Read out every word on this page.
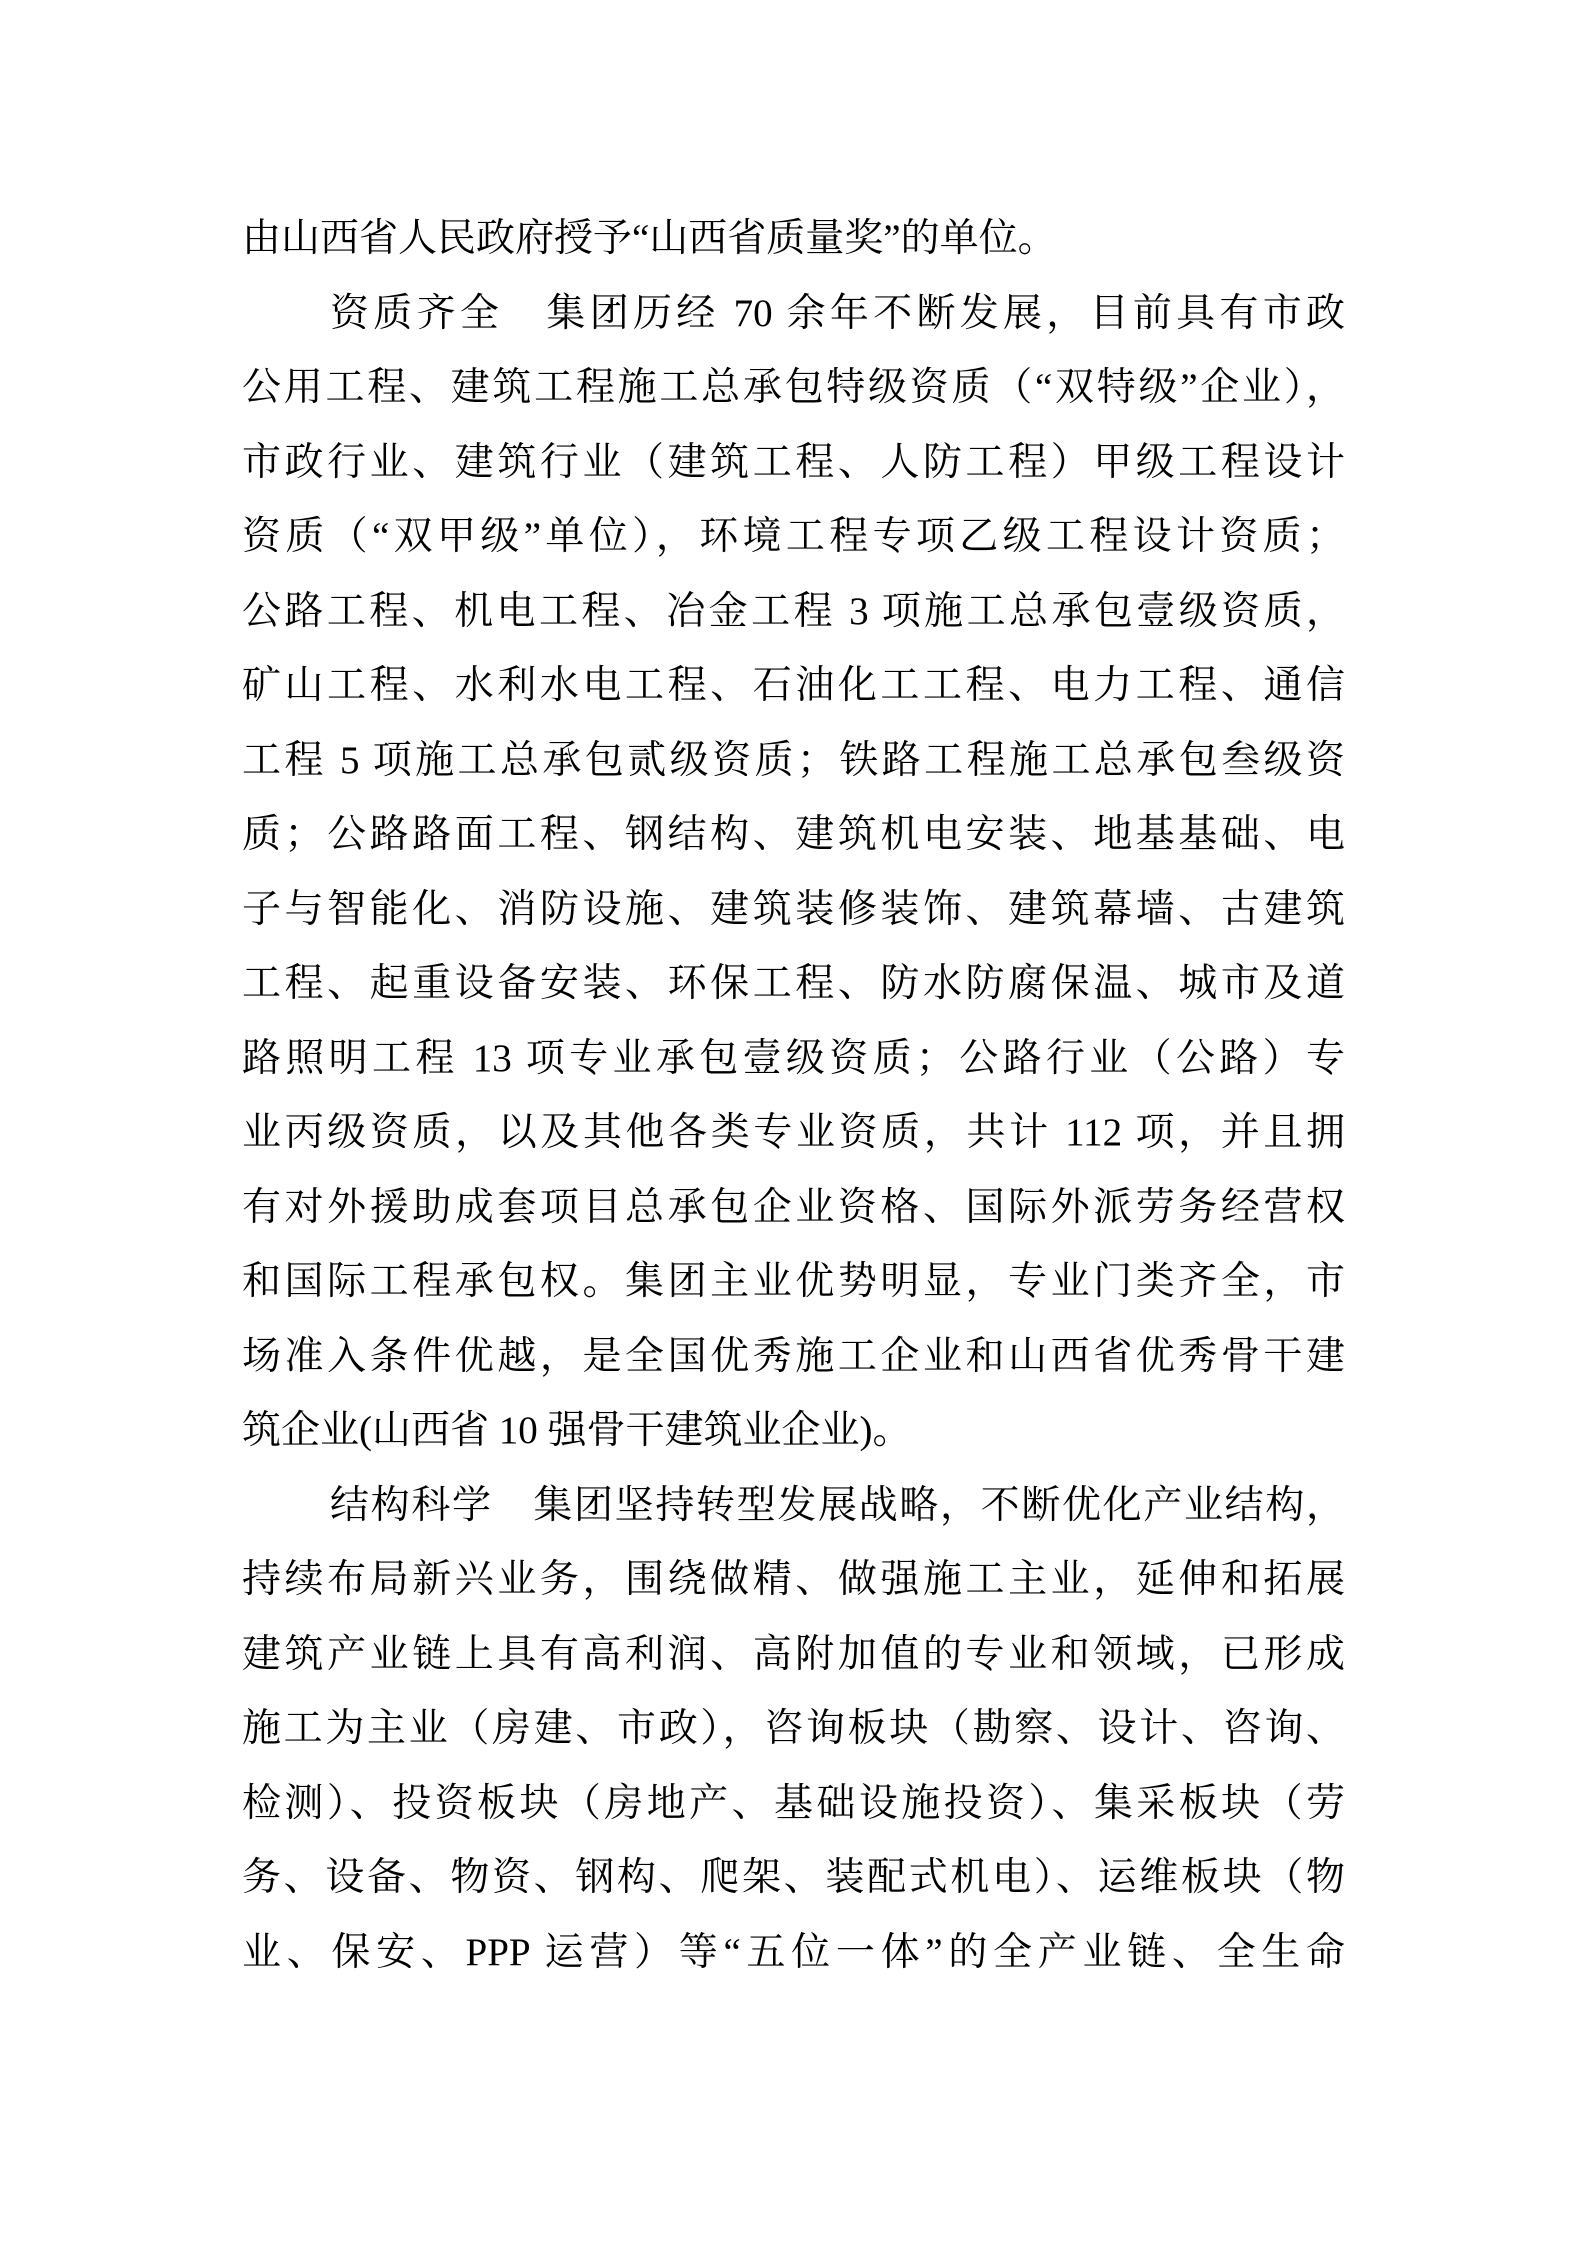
由山西省人民政府授予“山西省质量奖”的单位。
资质齐全　集团历经 70 余年不断发展，目前具有市政
公用工程、建筑工程施工总承包特级资质（“双特级”企业），
市政行业、建筑行业（建筑工程、人防工程）甲级工程设计
资质（“双甲级”单位），环境工程专项乙级工程设计资质；
公路工程、机电工程、冶金工程 3 项施工总承包壹级资质，
矿山工程、水利水电工程、石油化工工程、电力工程、通信
工程 5 项施工总承包贰级资质；铁路工程施工总承包叁级资
质；公路路面工程、钢结构、建筑机电安装、地基基础、电
子与智能化、消防设施、建筑装修装饰、建筑幕墙、古建筑
工程、起重设备安装、环保工程、防水防腐保温、城市及道
路照明工程 13 项专业承包壹级资质；公路行业（公路）专
业丙级资质，以及其他各类专业资质，共计 112 项，并且拥
有对外援助成套项目总承包企业资格、国际外派劳务经营权
和国际工程承包权。集团主业优势明显，专业门类齐全，市
场准入条件优越，是全国优秀施工企业和山西省优秀骨干建
筑企业(山西省 10 强骨干建筑业企业)。
结构科学　集团坚持转型发展战略，不断优化产业结构，
持续布局新兴业务，围绕做精、做强施工主业，延伸和拓展
建筑产业链上具有高利润、高附加值的专业和领域，已形成
施工为主业（房建、市政），咨询板块（勘察、设计、咨询、
检测）、投资板块（房地产、基础设施投资）、集采板块（劳
务、设备、物资、钢构、爬架、装配式机电）、运维板块（物
业、保安、PPP 运营）等“五位一体”的全产业链、全生命
